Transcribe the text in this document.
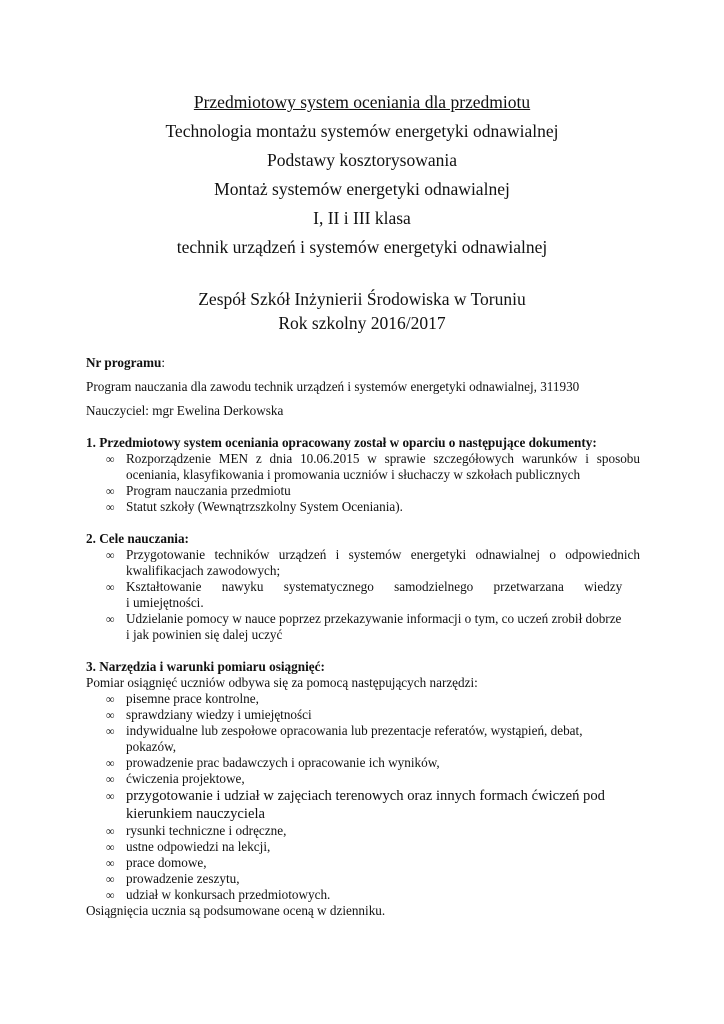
Przedmiotowy system oceniania dla przedmiotu
Technologia montażu systemów energetyki odnawialnej
Podstawy kosztorysowania
Montaż systemów energetyki odnawialnej
I, II i III klasa
technik urządzeń i systemów energetyki odnawialnej
Zespół Szkół Inżynierii Środowiska w Toruniu
Rok szkolny 2016/2017
Nr programu:
Program nauczania dla zawodu technik urządzeń i systemów energetyki odnawialnej, 311930
Nauczyciel: mgr Ewelina Derkowska
1. Przedmiotowy system oceniania opracowany został w oparciu o następujące dokumenty:
∞ Rozporządzenie MEN z dnia 10.06.2015 w sprawie szczegółowych warunków i sposobu
oceniania, klasyfikowania i promowania uczniów i słuchaczy w szkołach publicznych
∞ Program nauczania przedmiotu
∞ Statut szkoły (Wewnątrzszkolny System Oceniania).
2. Cele nauczania:
∞ Przygotowanie techników urządzeń i systemów energetyki odnawialnej o odpowiednich
kwalifikacjach zawodowych;
∞ Kształtowanie nawyku systematycznego samodzielnego przetwarzana wiedzy
i umiejętności.
∞ Udzielanie pomocy w nauce poprzez przekazywanie informacji o tym, co uczeń zrobił dobrze
i jak powinien się dalej uczyć
3. Narzędzia i warunki pomiaru osiągnięć:
Pomiar osiągnięć uczniów odbywa się za pomocą następujących narzędzi:
∞ pisemne prace kontrolne,
∞ sprawdziany wiedzy i umiejętności
∞ indywidualne lub zespołowe opracowania lub prezentacje referatów, wystąpień, debat,
pokazów,
∞ prowadzenie prac badawczych i opracowanie ich wyników,
∞ ćwiczenia projektowe,
∞ przygotowanie i udział w zajęciach terenowych oraz innych formach ćwiczeń pod
kierunkiem nauczyciela
∞ rysunki techniczne i odręczne,
∞ ustne odpowiedzi na lekcji,
∞ prace domowe,
∞ prowadzenie zeszytu,
∞ udział w konkursach przedmiotowych.
Osiągnięcia ucznia są podsumowane oceną w dzienniku.
